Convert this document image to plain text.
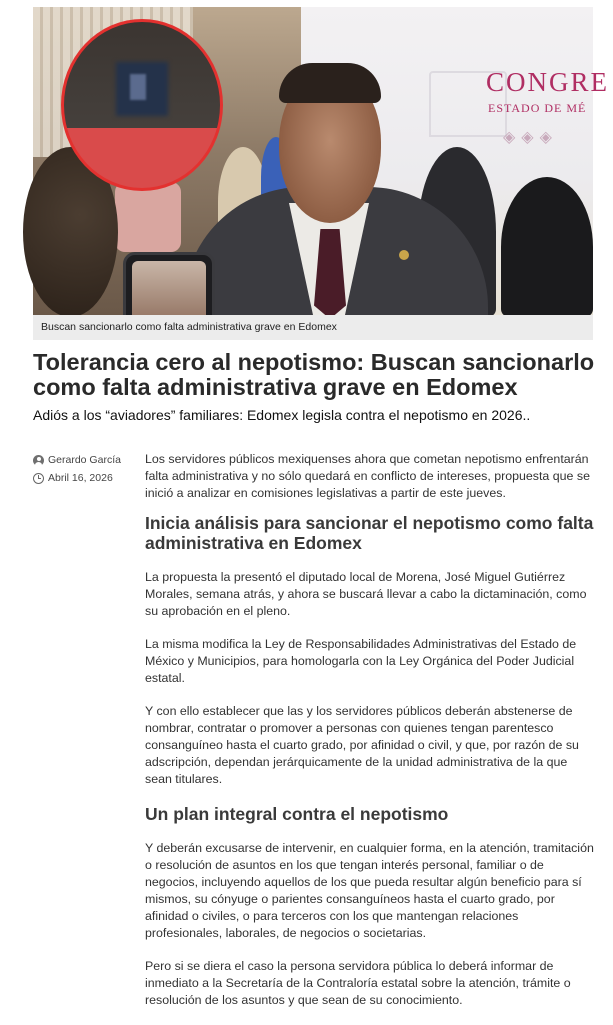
CONGRE
ESTADO DE MÉ
◈◈◈
Buscan sancionarlo como falta administrativa grave en Edomex
Tolerancia cero al nepotismo: Buscan sancionarlo como falta administrativa grave en Edomex

Adiós a los “aviadores” familiares: Edomex legisla contra el nepotismo en 2026..

Gerardo García
Abril 16, 2026

Los servidores públicos mexiquenses ahora que cometan nepotismo enfrentarán falta administrativa y no sólo quedará en conflicto de intereses, propuesta que se inició a analizar en comisiones legislativas a partir de este jueves.

Inicia análisis para sancionar el nepotismo como falta administrativa en Edomex

La propuesta la presentó el diputado local de Morena, José Miguel Gutiérrez Morales, semana atrás, y ahora se buscará llevar a cabo la dictaminación, como su aprobación en el pleno.

La misma modifica la Ley de Responsabilidades Administrativas del Estado de México y Municipios, para homologarla con la Ley Orgánica del Poder Judicial estatal.

Y con ello establecer que las y los servidores públicos deberán abstenerse de nombrar, contratar o promover a personas con quienes tengan parentesco consanguíneo hasta el cuarto grado, por afinidad o civil, y que, por razón de su adscripción, dependan jerárquicamente de la unidad administrativa de la que sean titulares.

Un plan integral contra el nepotismo

Y deberán excusarse de intervenir, en cualquier forma, en la atención, tramitación o resolución de asuntos en los que tengan interés personal, familiar o de negocios, incluyendo aquellos de los que pueda resultar algún beneficio para sí mismos, su cónyuge o parientes consanguíneos hasta el cuarto grado, por afinidad o civiles, o para terceros con los que mantengan relaciones profesionales, laborales, de negocios o societarias.

Pero si se diera el caso la persona servidora pública lo deberá informar de inmediato a la Secretaría de la Contraloría estatal sobre la atención, trámite o resolución de los asuntos y que sean de su conocimiento.
